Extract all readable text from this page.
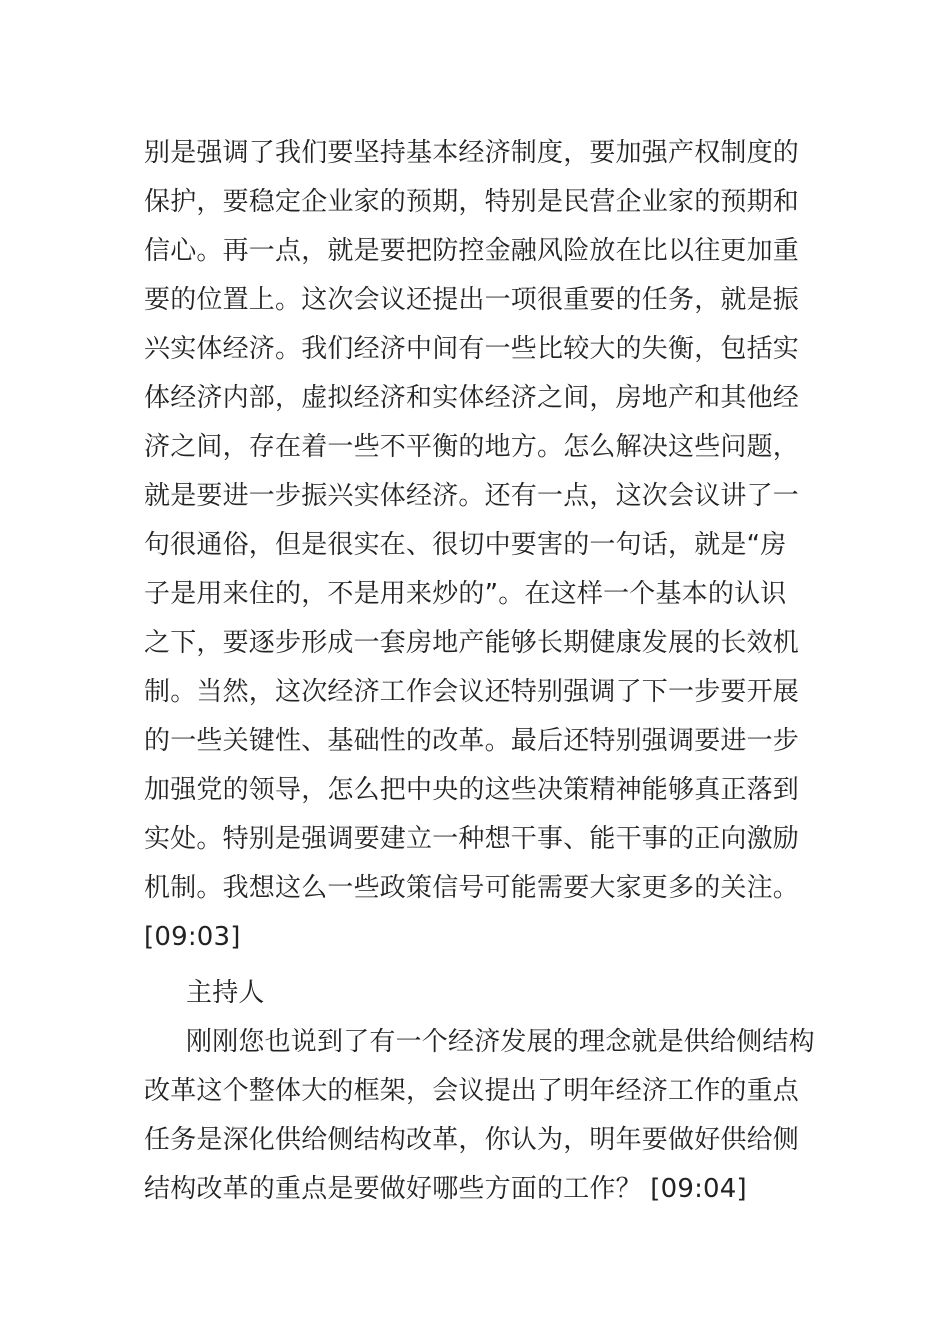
别是强调了我们要坚持基本经济制度，要加强产权制度的
保护，要稳定企业家的预期，特别是民营企业家的预期和
信心。再一点，就是要把防控金融风险放在比以往更加重
要的位置上。这次会议还提出一项很重要的任务，就是振
兴实体经济。我们经济中间有一些比较大的失衡，包括实
体经济内部，虚拟经济和实体经济之间，房地产和其他经
济之间，存在着一些不平衡的地方。怎么解决这些问题，
就是要进一步振兴实体经济。还有一点，这次会议讲了一
句很通俗，但是很实在、很切中要害的一句话，就是“房
子是用来住的，不是用来炒的”。在这样一个基本的认识
之下，要逐步形成一套房地产能够长期健康发展的长效机
制。当然，这次经济工作会议还特别强调了下一步要开展
的一些关键性、基础性的改革。最后还特别强调要进一步
加强党的领导，怎么把中央的这些决策精神能够真正落到
实处。特别是强调要建立一种想干事、能干事的正向激励
机制。我想这么一些政策信号可能需要大家更多的关注。
[09:03]
主持人
刚刚您也说到了有一个经济发展的理念就是供给侧结构
改革这个整体大的框架，会议提出了明年经济工作的重点
任务是深化供给侧结构改革，你认为，明年要做好供给侧
结构改革的重点是要做好哪些方面的工作？ [09:04]
